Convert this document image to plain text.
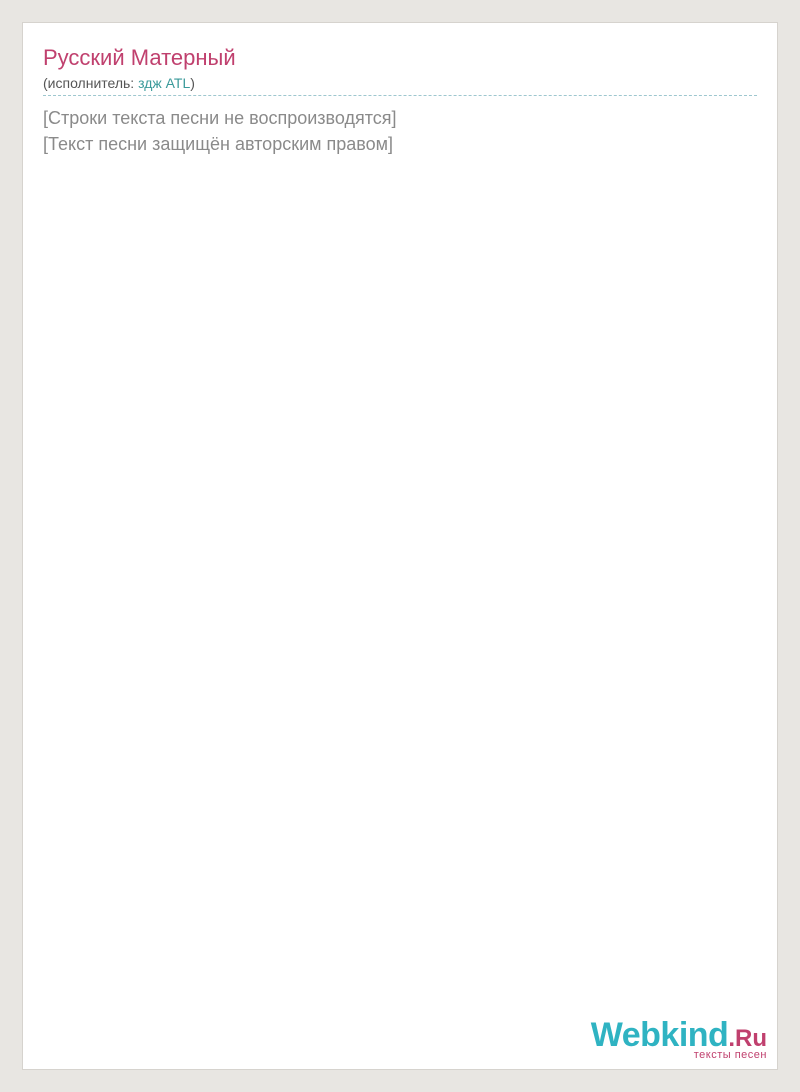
Русский Матерный
(исполнитель: здж ATL)
[Строки текста песни не воспроизводятся]
[Текст песни защищён авторским правом]
Webkind.Ru
тексты песен
